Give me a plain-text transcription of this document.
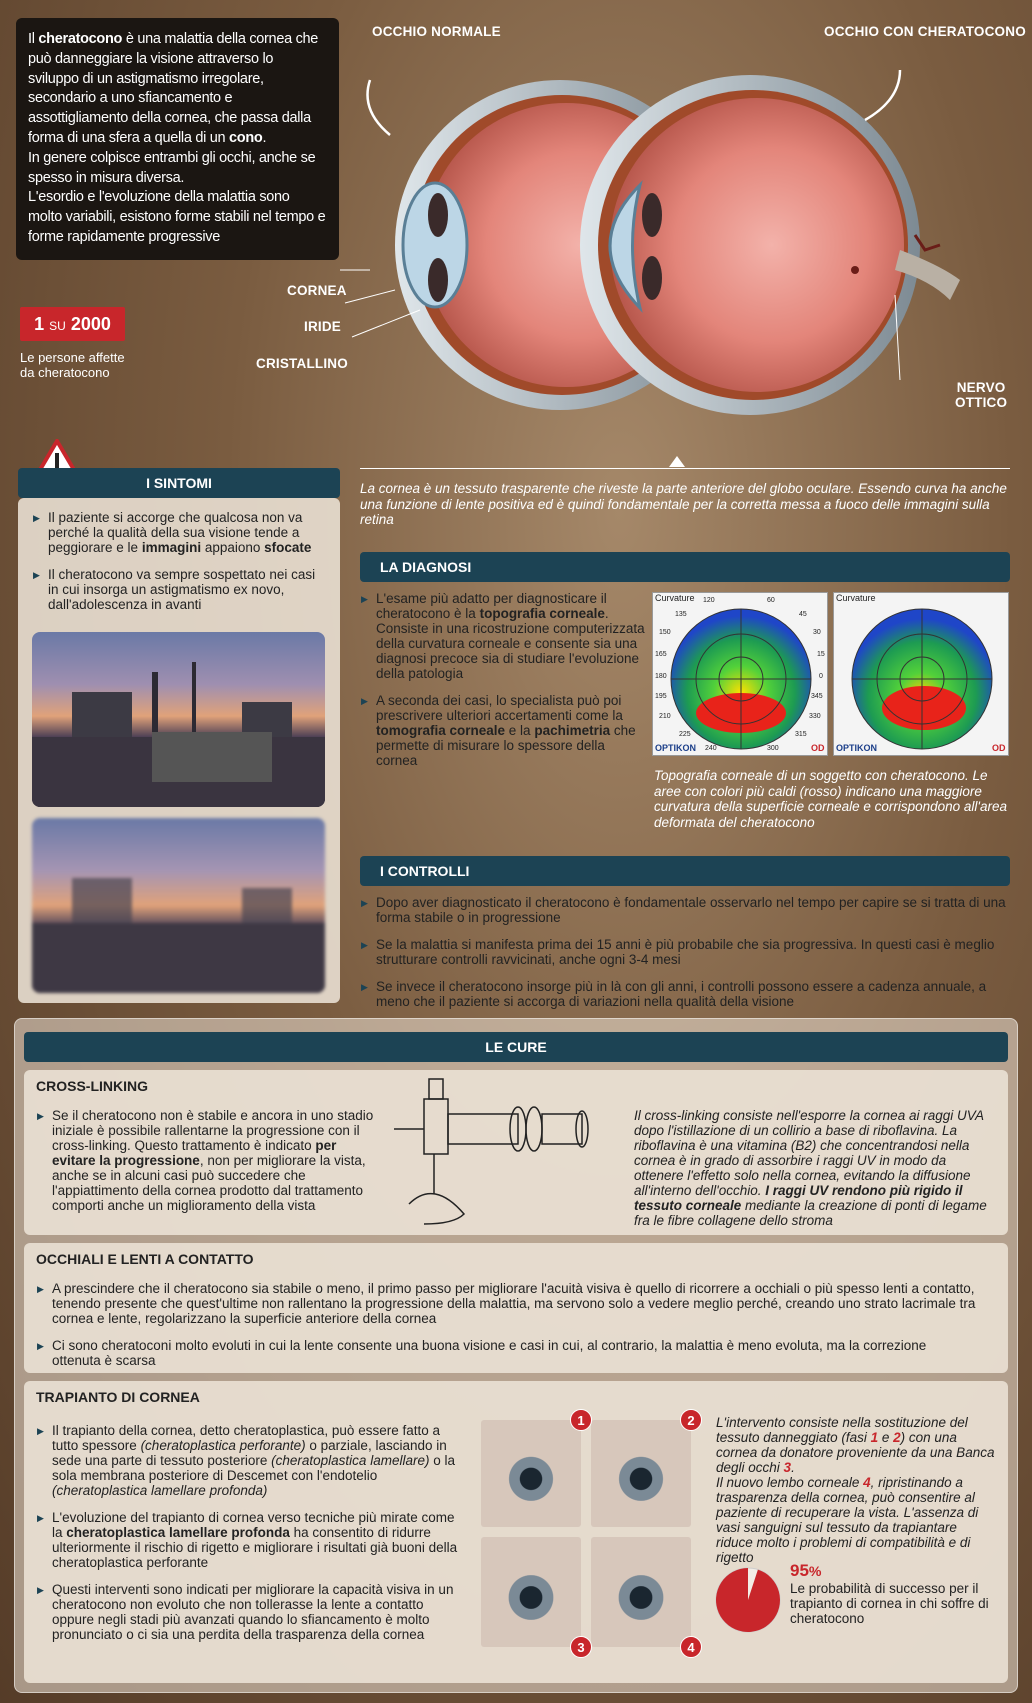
Il cheratocono è una malattia della cornea che può danneggiare la visione attraverso lo sviluppo di un astigmatismo irregolare, secondario a uno sfiancamento e assottigliamento della cornea, che passa dalla forma di una sfera a quella di un cono.
In genere colpisce entrambi gli occhi, anche se spesso in misura diversa.
L'esordio e l'evoluzione della malattia sono molto variabili, esistono forme stabili nel tempo e forme rapidamente progressive
1 SU 2000
Le persone affette da cheratocono
OCCHIO NORMALE	OCCHIO CON CHERATOCONO
CORNEA
IRIDE
CRISTALLINO
NERVO
OTTICO
La cornea è un tessuto trasparente che riveste la parte anteriore del globo oculare. Essendo curva ha anche una funzione di lente positiva ed è quindi fondamentale per la corretta messa a fuoco delle immagini sulla retina
I SINTOMI
▶ Il paziente si accorge che qualcosa non va perché la qualità della sua visione tende a peggiorare e le immagini appaiono sfocate
▶ Il cheratocono va sempre sospettato nei casi in cui insorga un astigmatismo ex novo, dall'adolescenza in avanti
LA DIAGNOSI
▶ L'esame più adatto per diagnosticare il cheratocono è la topografia corneale. Consiste in una ricostruzione computerizzata della curvatura corneale e consente sia una diagnosi precoce sia di studiare l'evoluzione della patologia
▶ A seconda dei casi, lo specialista può poi prescrivere ulteriori accertamenti come la tomografia corneale e la pachimetria che permette di misurare lo spessore della cornea
Curvature
OPTIKON	OD
120	60
135	45
150	30
165	15
180	0
195	345
210	330
225	315
240	300
Curvature
OPTIKON	OD
Topografia corneale di un soggetto con cheratocono. Le aree con colori più caldi (rosso) indicano una maggiore curvatura della superficie corneale e corrispondono all'area deformata del cheratocono
I CONTROLLI
▶ Dopo aver diagnosticato il cheratocono è fondamentale osservarlo nel tempo per capire se si tratta di una forma stabile o in progressione
▶ Se la malattia si manifesta prima dei 15 anni è più probabile che sia progressiva. In questi casi è meglio strutturare controlli ravvicinati, anche ogni 3-4 mesi
▶ Se invece il cheratocono insorge più in là con gli anni, i controlli possono essere a cadenza annuale, a meno che il paziente si accorga di variazioni nella qualità della visione
LE CURE
CROSS-LINKING
▶ Se il cheratocono non è stabile e ancora in uno stadio iniziale è possibile rallentarne la progressione con il cross-linking. Questo trattamento è indicato per evitare la progressione, non per migliorare la vista, anche se in alcuni casi può succedere che l'appiattimento della cornea prodotto dal trattamento comporti anche un miglioramento della vista
Il cross-linking consiste nell'esporre la cornea ai raggi UVA dopo l'istillazione di un collirio a base di riboflavina. La riboflavina è una vitamina (B2) che concentrandosi nella cornea è in grado di assorbire i raggi UV in modo da ottenere l'effetto solo nella cornea, evitando la diffusione all'interno dell'occhio. I raggi UV rendono più rigido il tessuto corneale mediante la creazione di ponti di legame fra le fibre collagene dello stroma
OCCHIALI E LENTI A CONTATTO
▶ A prescindere che il cheratocono sia stabile o meno, il primo passo per migliorare l'acuità visiva è quello di ricorrere a occhiali o più spesso lenti a contatto, tenendo presente che quest'ultime non rallentano la progressione della malattia, ma servono solo a vedere meglio perché, creando uno strato lacrimale tra cornea e lente, regolarizzano la superficie anteriore della cornea
▶ Ci sono cheratoconi molto evoluti in cui la lente consente una buona visione e casi in cui, al contrario, la malattia è meno evoluta, ma la correzione ottenuta è scarsa
TRAPIANTO DI CORNEA
▶ Il trapianto della cornea, detto cheratoplastica, può essere fatto a tutto spessore (cheratoplastica perforante) o parziale, lasciando in sede una parte di tessuto posteriore (cheratoplastica lamellare) o la sola membrana posteriore di Descemet con l'endotelio (cheratoplastica lamellare profonda)
▶ L'evoluzione del trapianto di cornea verso tecniche più mirate come la cheratoplastica lamellare profonda ha consentito di ridurre ulteriormente il rischio di rigetto e migliorare i risultati già buoni della cheratoplastica perforante
▶ Questi interventi sono indicati per migliorare la capacità visiva in un cheratocono non evoluto che non tollerasse la lente a contatto oppure negli stadi più avanzati quando lo sfiancamento è molto pronunciato o ci sia una perdita della trasparenza della cornea
1	2
3	4
L'intervento consiste nella sostituzione del tessuto danneggiato (fasi 1 e 2) con una cornea da donatore proveniente da una Banca degli occhi 3.
Il nuovo lembo corneale 4, ripristinando a trasparenza della cornea, può consentire al paziente di recuperare la vista. L'assenza di vasi sanguigni sul tessuto da trapiantare riduce molto i problemi di compatibilità e di rigetto
95%
Le probabilità di successo per il trapianto di cornea in chi soffre di cheratocono
